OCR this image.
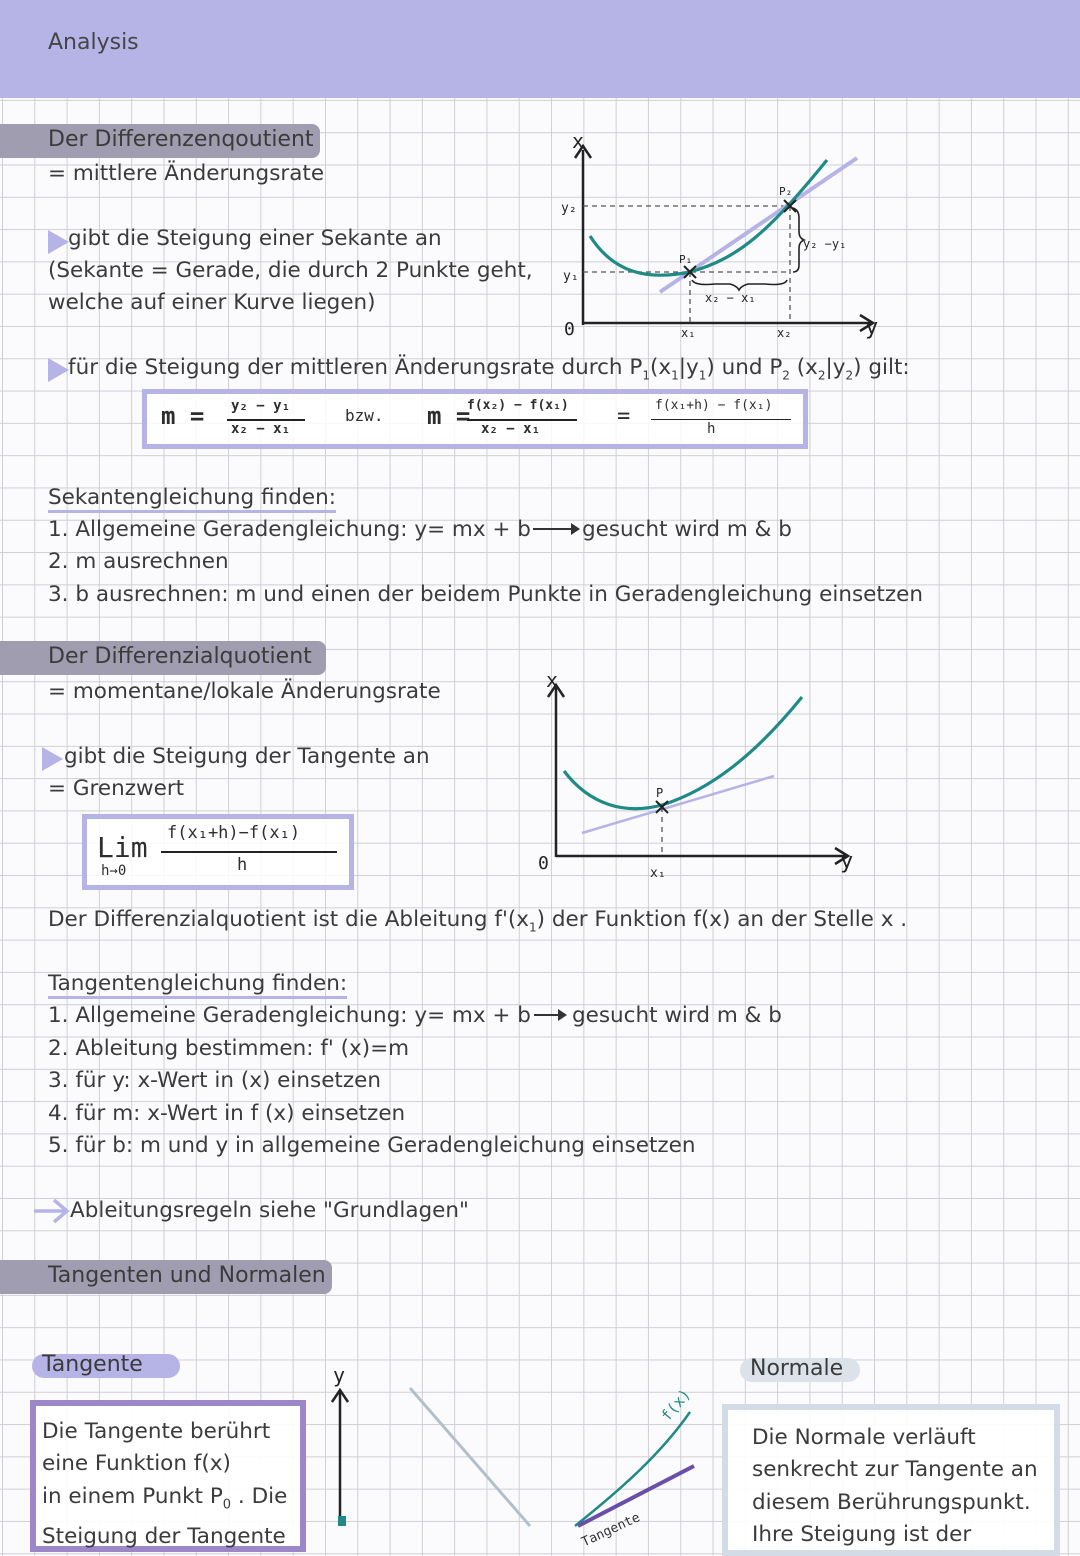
Analysis
Der Differenzenqoutient
= mittlere Änderungsrate
gibt die Steigung einer Sekante an
(Sekante = Gerade, die durch 2 Punkte geht,
welche auf einer Kurve liegen)
y₂
y₁
0
x
y
x₁	x₂
P₁
P₂
x₂ − x₁
y₂ −y₁
für die Steigung der mittleren Änderungsrate durch $P_1(x_1|y_1)$ und $P_2$ $(x_2|y_2)$ gilt:
m = y₂ − y₁
x₂ − x₁
bzw. m =
f(x₂) − f(x₁)
x₂ − x₁	= f(x₁+h) − f(x₁)
h
Sekantengleichung finden:
1. Allgemeine Geradengleichung: y= mx + b gesucht wird m & b
2. m ausrechnen
3. b ausrechnen: m und einen der beidem Punkte in Geradengleichung einsetzen
Der Differenzialquotient
= momentane/lokale Änderungsrate
gibt die Steigung der Tangente an
= Grenzwert
Lim
h→0
f(x₁+h)−f(x₁)
h
P
0
x
y
x₁
Der Differenzialquotient ist die Ableitung $f'(x_1)$ der Funktion f(x) an der Stelle x .
Tangentengleichung finden:
1. Allgemeine Geradengleichung: y= mx + b gesucht wird m & b
2. Ableitung bestimmen: f' (x)=m
3. für y: x-Wert in (x) einsetzen
4. für m: x-Wert in f (x) einsetzen
5. für b: m und y in allgemeine Geradengleichung einsetzen
Ableitungsregeln siehe "Grundlagen"
Tangenten und Normalen
Tangente
Die Tangente berührt
eine Funktion f(x)
in einem Punkt $P_0$ . Die
Steigung der Tangente
y
f(x)
Tangente
Normale
Die Normale verläuft
senkrecht zur Tangente an
diesem Berührungspunkt.
Ihre Steigung ist der
